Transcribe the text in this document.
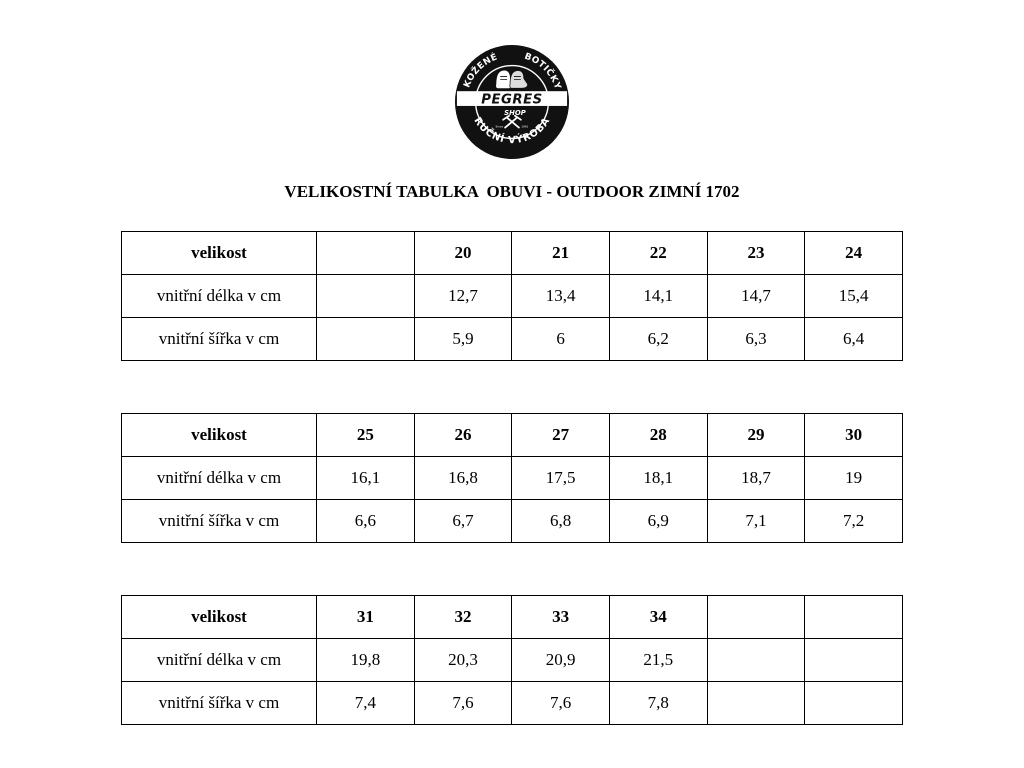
KOŽENÉ	BOTIČKY
RUČNÍ VÝROBA
PEGRES
SHOP
Since	1991
VELIKOSTNÍ TABULKA  OBUVI - OUTDOOR ZIMNÍ 1702
velikost		20	21	22	23	24
vnitřní délka v cm		12,7	13,4	14,1	14,7	15,4
vnitřní šířka v cm		5,9	6	6,2	6,3	6,4
velikost	25	26	27	28	29	30
vnitřní délka v cm	16,1	16,8	17,5	18,1	18,7	19
vnitřní šířka v cm	6,6	6,7	6,8	6,9	7,1	7,2
velikost	31	32	33	34		
vnitřní délka v cm	19,8	20,3	20,9	21,5		
vnitřní šířka v cm	7,4	7,6	7,6	7,8		
